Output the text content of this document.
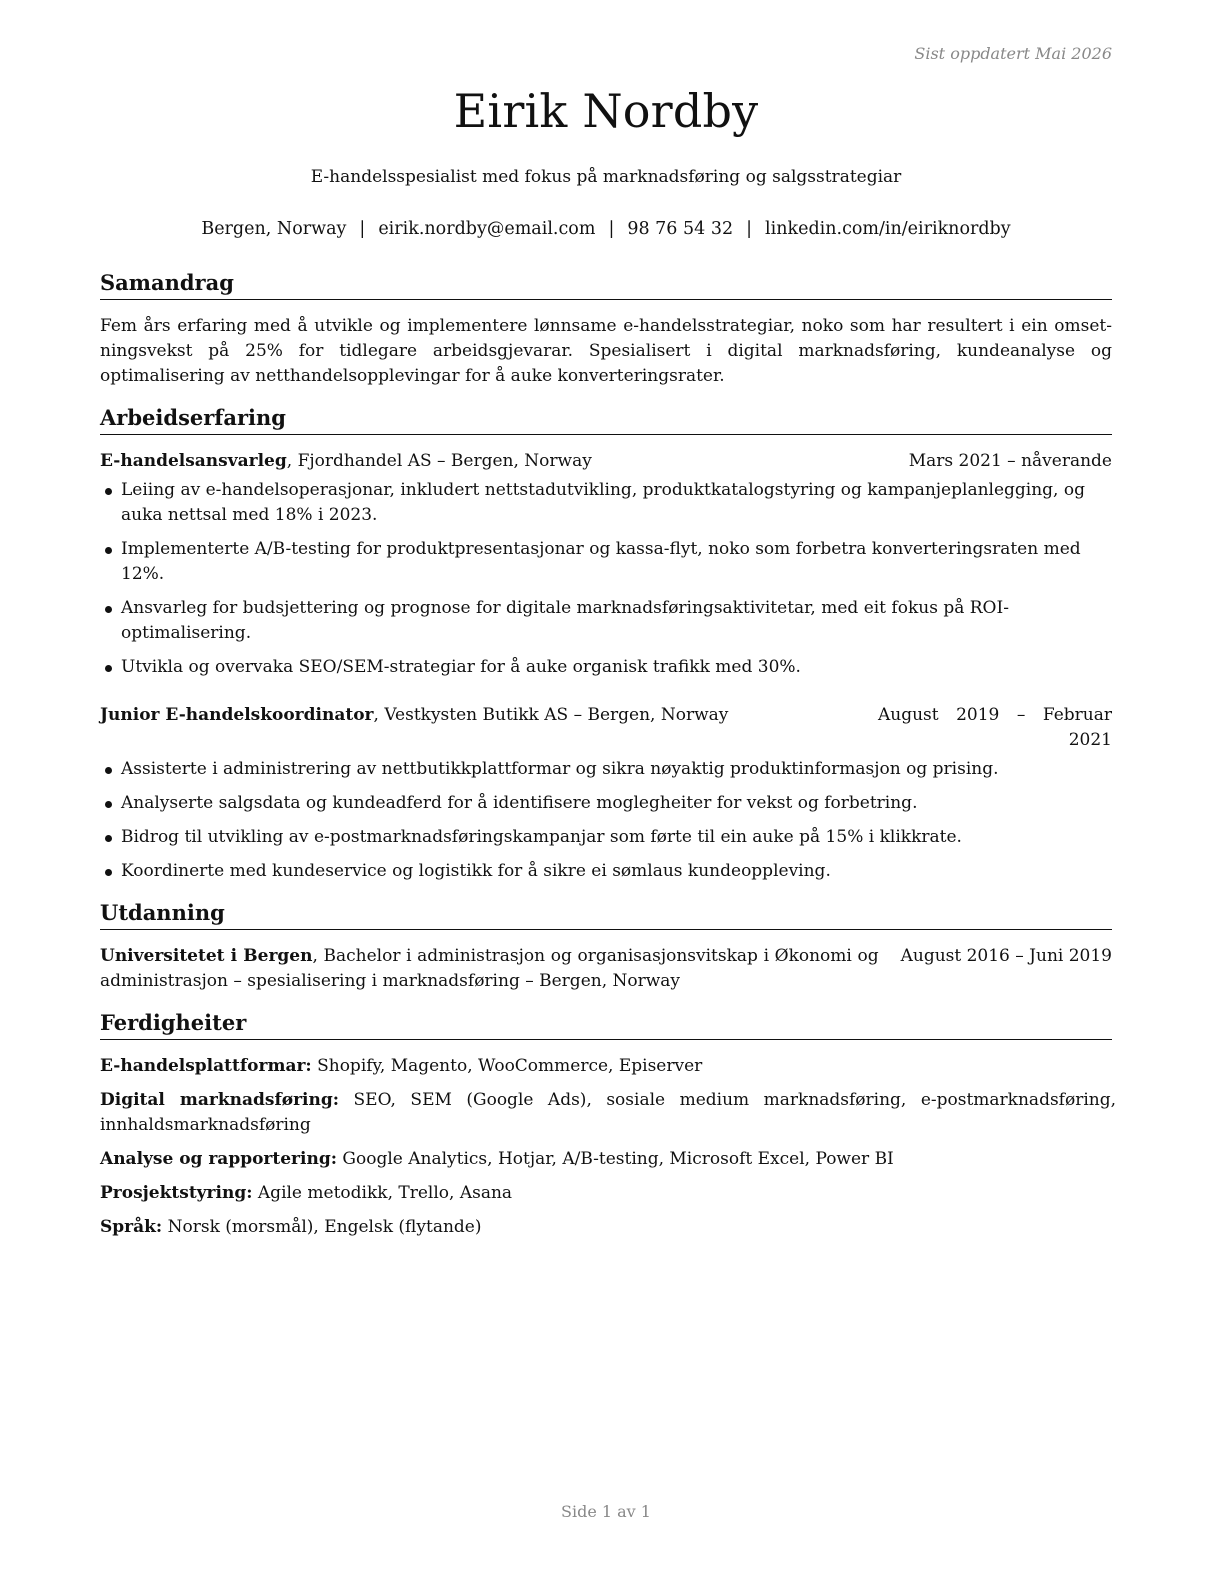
Sist oppdatert Mai 2026
Eirik Nordby
E-handelsspesialist med fokus på marknadsføring og salgsstrategiar
Bergen, Norway | eirik.nordby@email.com | 98 76 54 32 | linkedin.com/in/eiriknordby
Samandrag
Fem års erfaring med å utvikle og implementere lønnsame e-handelsstrategiar, noko som har resultert i ein omsetningsvekst på 25% for tidlegare arbeidsgjevarar. Spesialisert i digital marknadsføring, kundeanalyse og optimalisering av netthandelsopplevingar for å auke konverteringsrater.
Arbeidserfaring
E-handelsansvarleg, Fjordhandel AS – Bergen, Norway	Mars 2021 – nåverande
Leiing av e-handelsoperasjonar, inkludert nettstadutvikling, produktkatalogstyring og kampanjeplanlegging, og auka nettsal med 18% i 2023.
Implementerte A/B-testing for produktpresentasjonar og kassa-flyt, noko som forbetra konverteringsraten med 12%.
Ansvarleg for budsjettering og prognose for digitale marknadsføringsaktivitetar, med eit fokus på ROI-optimalisering.
Utvikla og overvaka SEO/SEM-strategiar for å auke organisk trafikk med 30%.
Junior E-handelskoordinator, Vestkysten Butikk AS – Bergen, Norway	August 2019 – Februar 2021
Assisterte i administrering av nettbutikkplattformar og sikra nøyaktig produktinformasjon og prising.
Analyserte salgsdata og kundeadferd for å identifisere moglegheiter for vekst og forbetring.
Bidrog til utvikling av e-postmarknadsføringskampanjar som førte til ein auke på 15% i klikkrate.
Koordinerte med kundeservice og logistikk for å sikre ei sømlaus kundeoppleving.
Utdanning
Universitetet i Bergen, Bachelor i administrasjon og organisasjonsvitskap i Økonomi og administrasjon – spesialisering i marknadsføring – Bergen, Norway
August 2016 – Juni 2019
Ferdigheiter
E-handelsplattformar: Shopify, Magento, WooCommerce, Episerver
Digital marknadsføring: SEO, SEM (Google Ads), sosiale medium marknadsføring, e-postmarknadsføring, innhaldsmarknadsføring
Analyse og rapportering: Google Analytics, Hotjar, A/B-testing, Microsoft Excel, Power BI
Prosjektstyring: Agile metodikk, Trello, Asana
Språk: Norsk (morsmål), Engelsk (flytande)
Side 1 av 1
